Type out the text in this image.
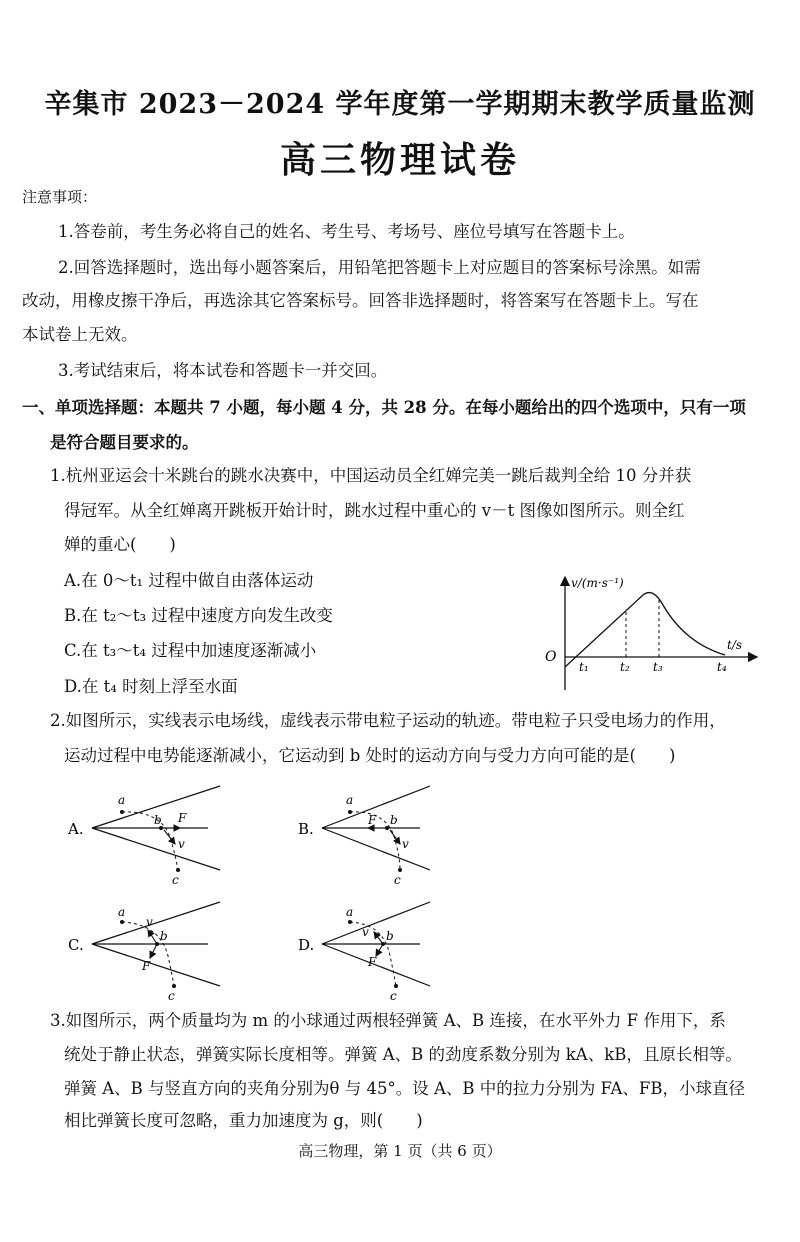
辛集市 2023－2024 学年度第一学期期末教学质量监测
高三物理试卷
注意事项：
1.答卷前，考生务必将自己的姓名、考生号、考场号、座位号填写在答题卡上。
2.回答选择题时，选出每小题答案后，用铅笔把答题卡上对应题目的答案标号涂黑。如需
改动，用橡皮擦干净后，再选涂其它答案标号。回答非选择题时，将答案写在答题卡上。写在
本试卷上无效。
3.考试结束后，将本试卷和答题卡一并交回。
一、单项选择题：本题共 7 小题，每小题 4 分，共 28 分。在每小题给出的四个选项中，只有一项
是符合题目要求的。
1.杭州亚运会十米跳台的跳水决赛中，中国运动员全红婵完美一跳后裁判全给 10 分并获
得冠军。从全红婵离开跳板开始计时，跳水过程中重心的 v－t 图像如图所示。则全红
婵的重心(　　)
A.在 0～t₁ 过程中做自由落体运动
B.在 t₂～t₃ 过程中速度方向发生改变
C.在 t₃～t₄ 过程中加速度逐渐减小
D.在 t₄ 时刻上浮至水面
v/(m·s⁻¹)
t/s
O
t₁	t₂ t₃	t₄
2.如图所示，实线表示电场线，虚线表示带电粒子运动的轨迹。带电粒子只受电场力的作用，
运动过程中电势能逐渐减小，它运动到 b 处时的运动方向与受力方向可能的是(　　)
A.
a
b F
v
c
B.
a
b
F
v
c
C.
a
b
v
F
c
D.
a
b
v
F
c
3.如图所示，两个质量均为 m 的小球通过两根轻弹簧 A、B 连接，在水平外力 F 作用下，系
统处于静止状态，弹簧实际长度相等。弹簧 A、B 的劲度系数分别为 kA、kB，且原长相等。
弹簧 A、B 与竖直方向的夹角分别为θ 与 45°。设 A、B 中的拉力分别为 FA、FB，小球直径
相比弹簧长度可忽略，重力加速度为 g，则(　　)
高三物理，第 1 页（共 6 页）
